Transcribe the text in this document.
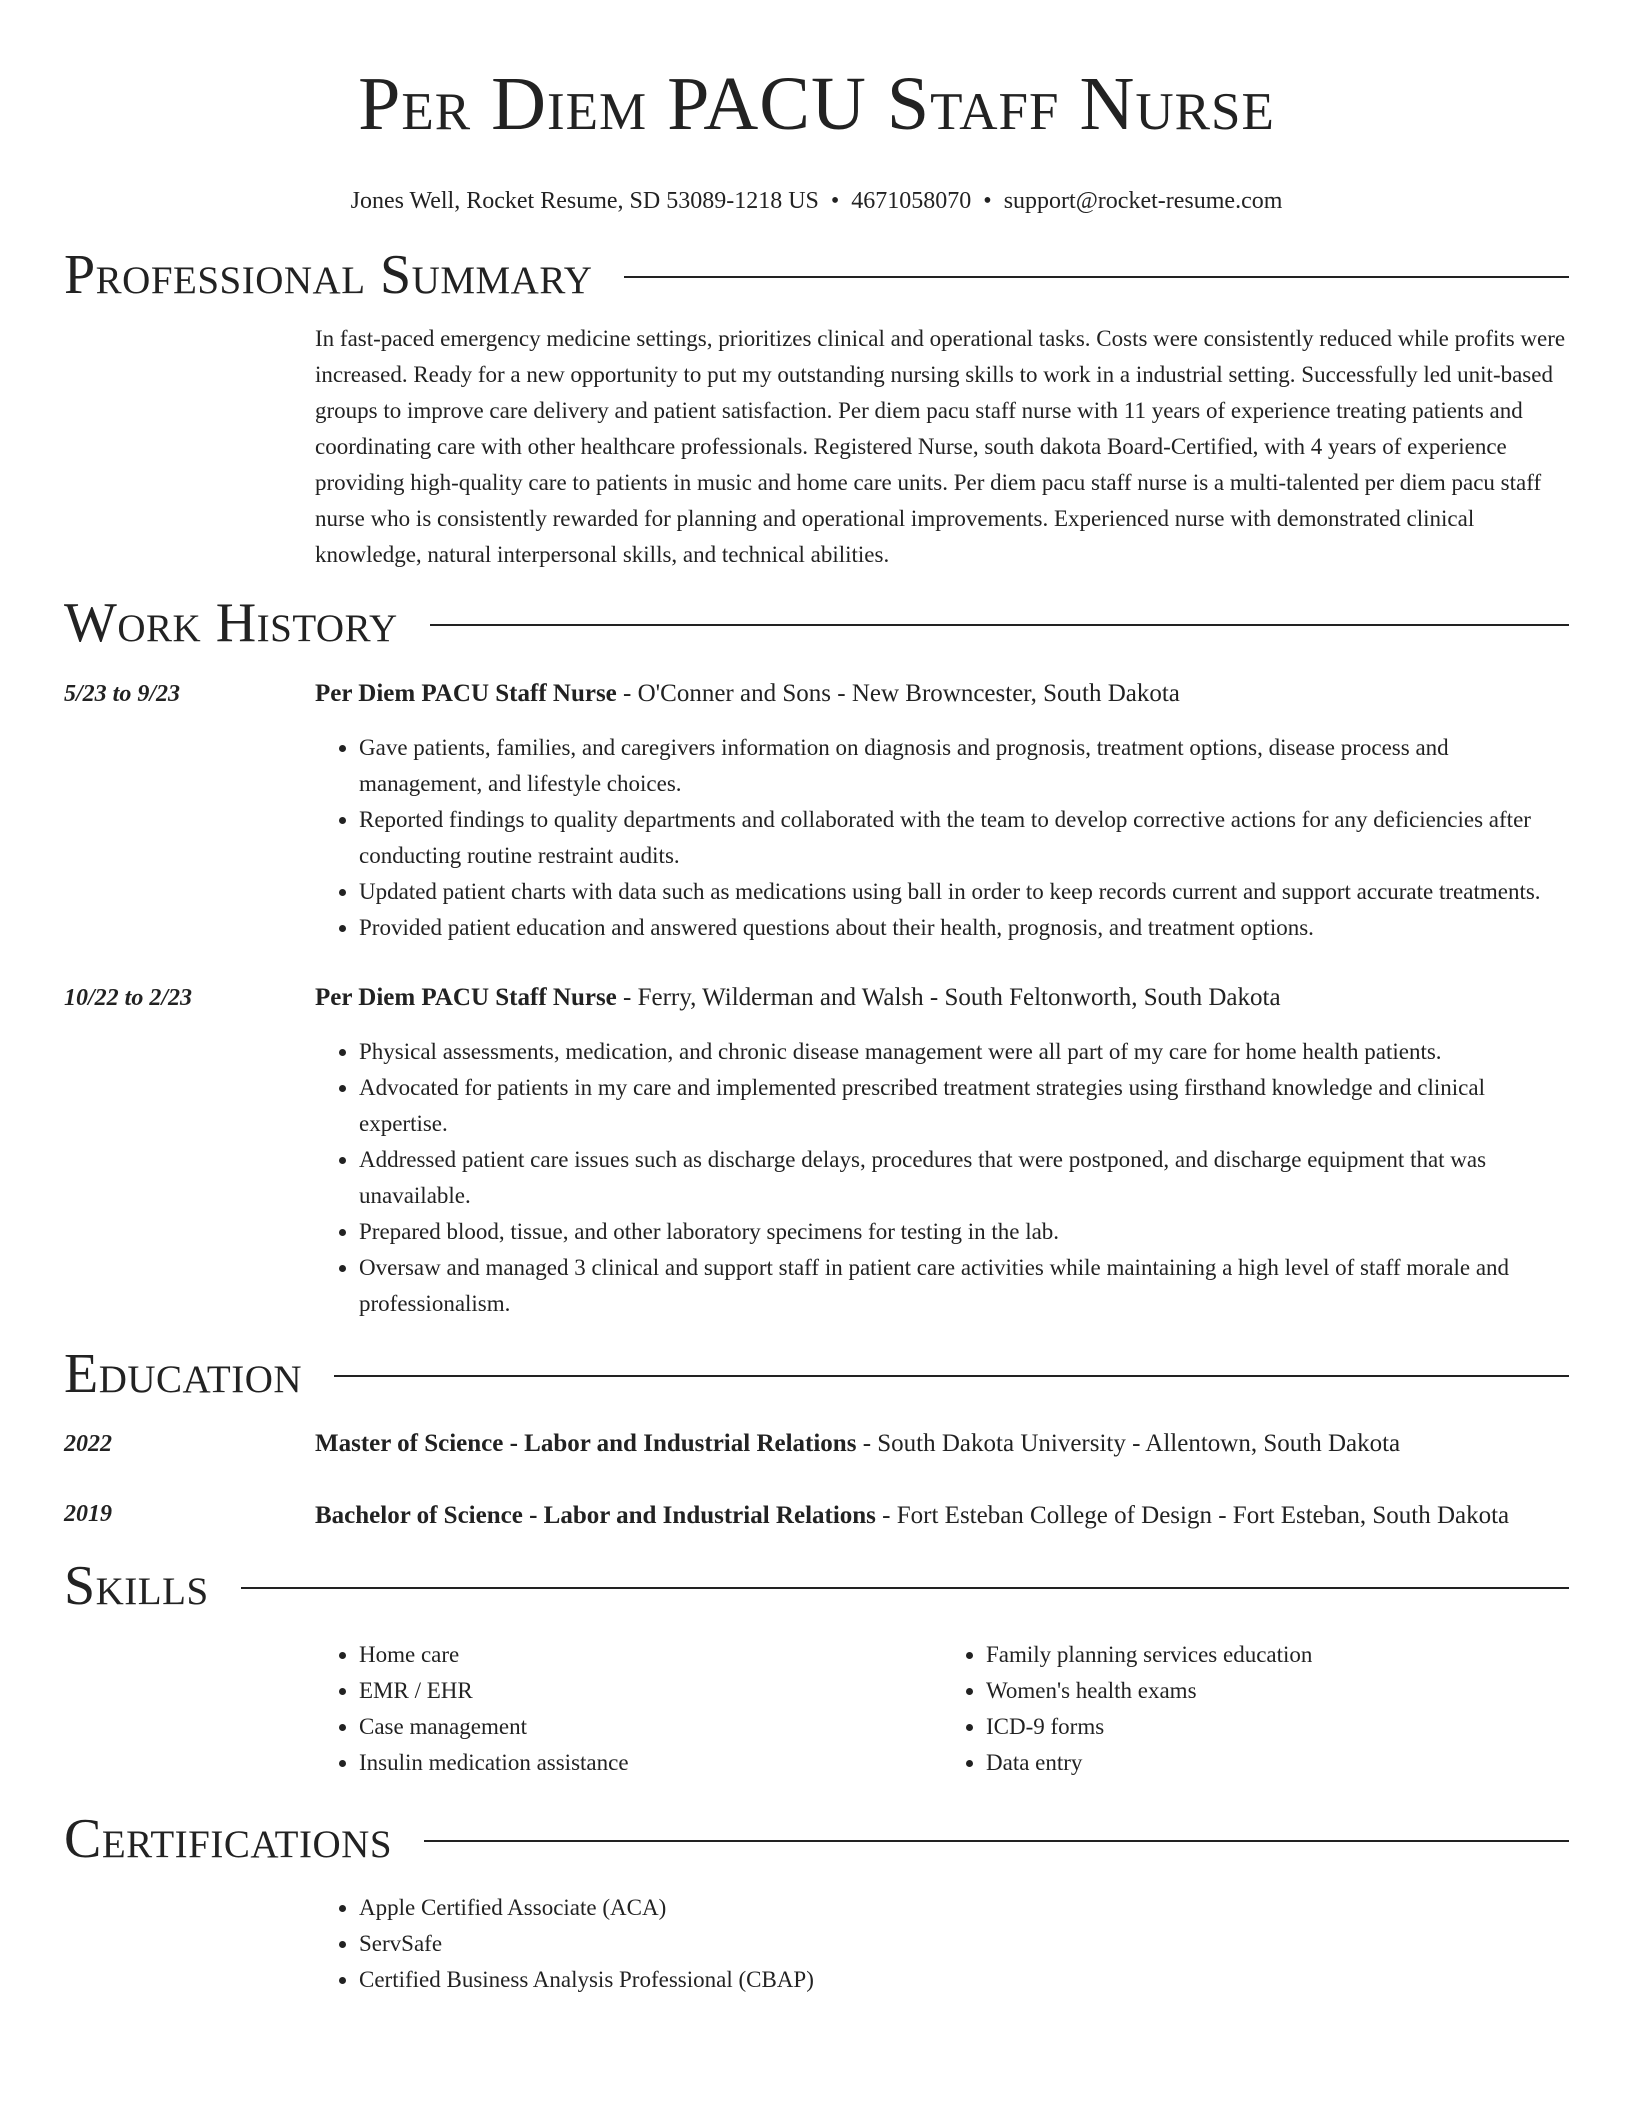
Per Diem PACU Staff Nurse
Jones Well, Rocket Resume, SD 53089-1218 US • 4671058070 • support@rocket-resume.com
Professional Summary
In fast-paced emergency medicine settings, prioritizes clinical and operational tasks. Costs were consistently reduced while profits were increased. Ready for a new opportunity to put my outstanding nursing skills to work in a industrial setting. Successfully led unit-based groups to improve care delivery and patient satisfaction. Per diem pacu staff nurse with 11 years of experience treating patients and coordinating care with other healthcare professionals. Registered Nurse, south dakota Board-Certified, with 4 years of experience providing high-quality care to patients in music and home care units. Per diem pacu staff nurse is a multi-talented per diem pacu staff nurse who is consistently rewarded for planning and operational improvements. Experienced nurse with demonstrated clinical knowledge, natural interpersonal skills, and technical abilities.
Work History
5/23 to 9/23	Per Diem PACU Staff Nurse - O'Conner and Sons - New Browncester, South Dakota
• Gave patients, families, and caregivers information on diagnosis and prognosis, treatment options, disease process and management, and lifestyle choices.
• Reported findings to quality departments and collaborated with the team to develop corrective actions for any deficiencies after conducting routine restraint audits.
• Updated patient charts with data such as medications using ball in order to keep records current and support accurate treatments.
• Provided patient education and answered questions about their health, prognosis, and treatment options.
10/22 to 2/23	Per Diem PACU Staff Nurse - Ferry, Wilderman and Walsh - South Feltonworth, South Dakota
• Physical assessments, medication, and chronic disease management were all part of my care for home health patients.
• Advocated for patients in my care and implemented prescribed treatment strategies using firsthand knowledge and clinical expertise.
• Addressed patient care issues such as discharge delays, procedures that were postponed, and discharge equipment that was unavailable.
• Prepared blood, tissue, and other laboratory specimens for testing in the lab.
• Oversaw and managed 3 clinical and support staff in patient care activities while maintaining a high level of staff morale and professionalism.
Education
2022	Master of Science - Labor and Industrial Relations - South Dakota University - Allentown, South Dakota
2019	Bachelor of Science - Labor and Industrial Relations - Fort Esteban College of Design - Fort Esteban, South Dakota
Skills
• Home care
• EMR / EHR
• Case management
• Insulin medication assistance
• Family planning services education
• Women's health exams
• ICD-9 forms
• Data entry
Certifications
• Apple Certified Associate (ACA)
• ServSafe
• Certified Business Analysis Professional (CBAP)
